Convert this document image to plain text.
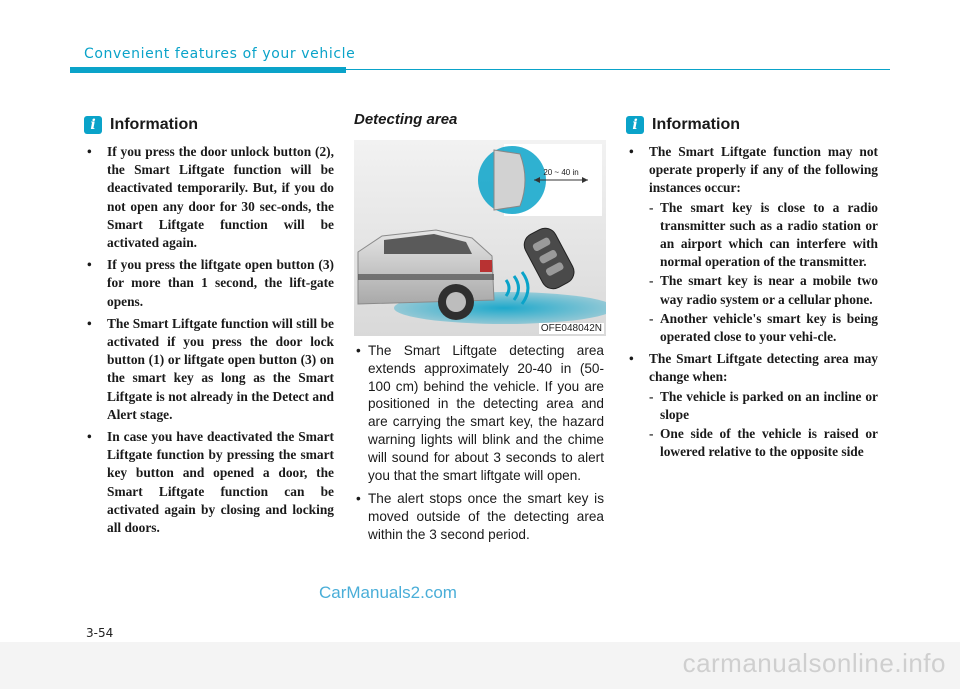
Convenient features of your vehicle
i Information
• If you press the door unlock button (2), the Smart Liftgate function will be deactivated temporarily. But, if you do not open any door for 30 sec-onds, the Smart Liftgate function will be activated again.
• If you press the liftgate open button (3) for more than 1 second, the lift-gate opens.
• The Smart Liftgate function will still be activated if you press the door lock button (1) or liftgate open button (3) on the smart key as long as the Smart Liftgate is not already in the Detect and Alert stage.
• In case you have deactivated the Smart Liftgate function by pressing the smart key button and opened a door, the Smart Liftgate function can be activated again by closing and locking all doors.
Detecting area
20 ~ 40 in
OFE048042N
• The Smart Liftgate detecting area extends approximately 20-40 in (50-100 cm) behind the vehicle. If you are positioned in the detecting area and are carrying the smart key, the hazard warning lights will blink and the chime will sound for about 3 seconds to alert you that the smart liftgate will open.
• The alert stops once the smart key is moved outside of the detecting area within the 3 second period.
i Information
• The Smart Liftgate function may not operate properly if any of the following instances occur:
- The smart key is close to a radio transmitter such as a radio station or an airport which can interfere with normal operation of the transmitter.
- The smart key is near a mobile two way radio system or a cellular phone.
- Another vehicle's smart key is being operated close to your vehi-cle.
• The Smart Liftgate detecting area may change when:
- The vehicle is parked on an incline or slope
- One side of the vehicle is raised or lowered relative to the opposite side
CarManuals2.com
3-54
carmanualsonline.info
